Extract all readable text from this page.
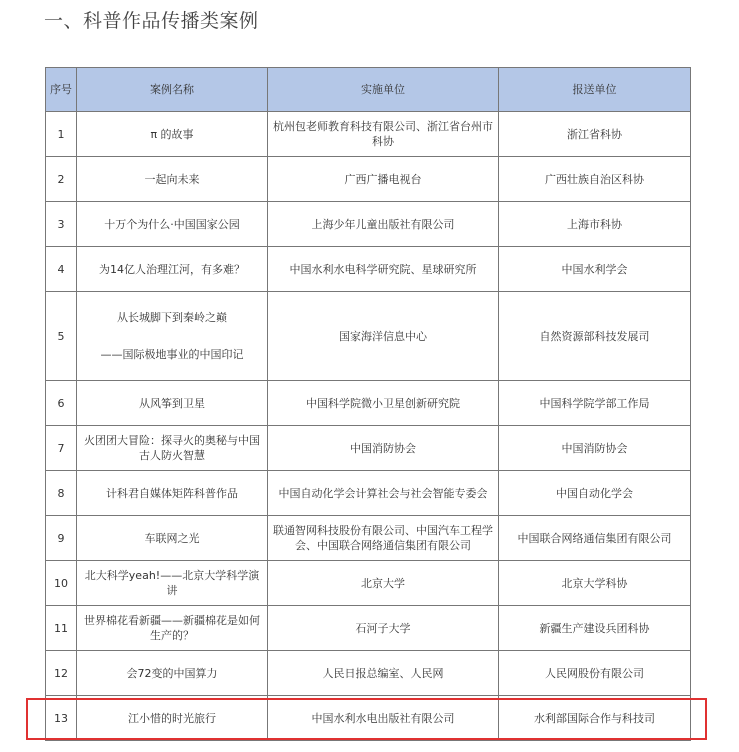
一、科普作品传播类案例
序号	案例名称	实施单位	报送单位
1	π 的故事	杭州包老师教育科技有限公司、浙江省台州市科协	浙江省科协
2	一起向未来	广西广播电视台	广西壮族自治区科协
3	十万个为什么·中国国家公园	上海少年儿童出版社有限公司	上海市科协
4	为14亿人治理江河，有多难？	中国水利水电科学研究院、星球研究所	中国水利学会
5	从长城脚下到秦岭之巅
——国际极地事业的中国印记	国家海洋信息中心	自然资源部科技发展司
6	从风筝到卫星	中国科学院微小卫星创新研究院	中国科学院学部工作局
7	火团团大冒险：探寻火的奥秘与中国古人防火智慧	中国消防协会	中国消防协会
8	计科君自媒体矩阵科普作品	中国自动化学会计算社会与社会智能专委会	中国自动化学会
9	车联网之光	联通智网科技股份有限公司、中国汽车工程学会、中国联合网络通信集团有限公司	中国联合网络通信集团有限公司
10	北大科学yeah!——北京大学科学演讲	北京大学	北京大学科协
11	世界棉花看新疆——新疆棉花是如何生产的？	石河子大学	新疆生产建设兵团科协
12	会72变的中国算力	人民日报总编室、人民网	人民网股份有限公司
13	江小惜的时光旅行	中国水利水电出版社有限公司	水利部国际合作与科技司
